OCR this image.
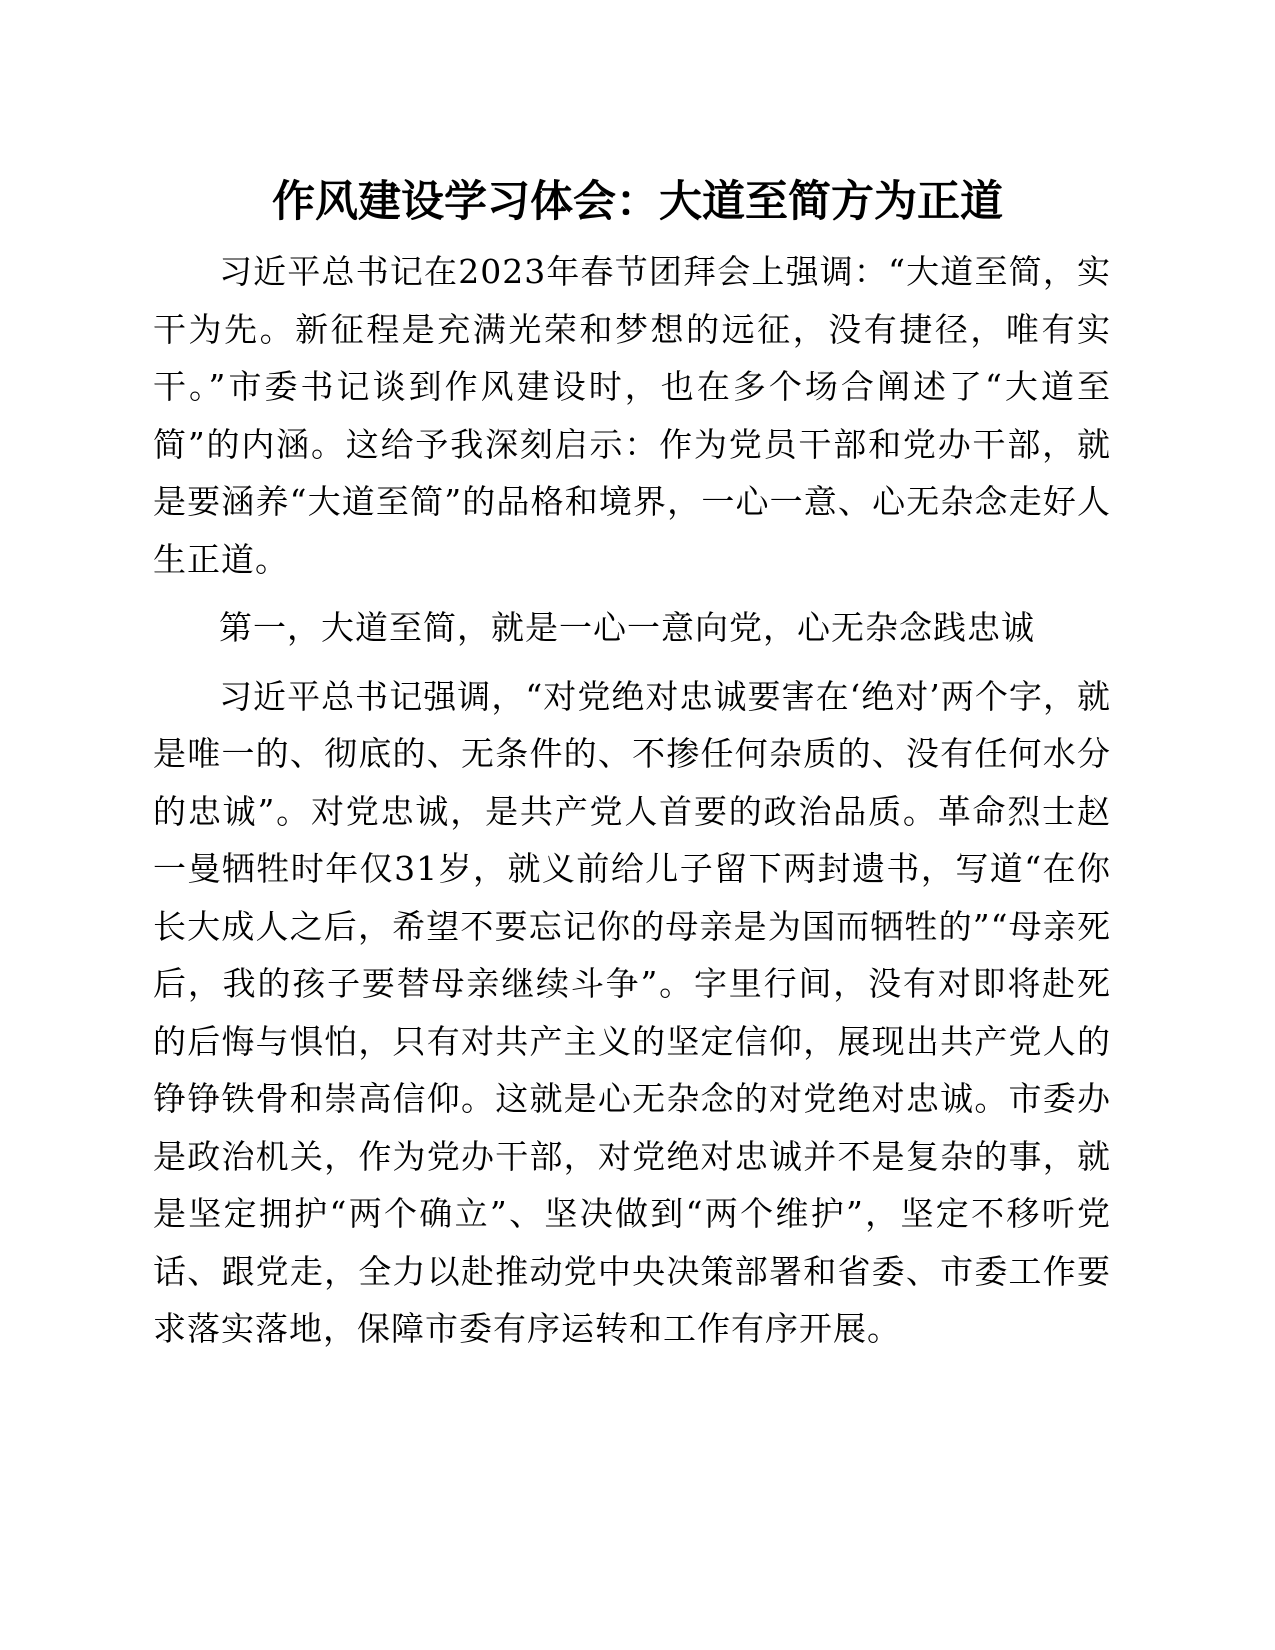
作风建设学习体会：大道至简方为正道

习近平总书记在2023年春节团拜会上强调：“大道至简，实干为先。新征程是充满光荣和梦想的远征，没有捷径，唯有实干。”市委书记谈到作风建设时，也在多个场合阐述了“大道至简”的内涵。这给予我深刻启示：作为党员干部和党办干部，就是要涵养“大道至简”的品格和境界，一心一意、心无杂念走好人生正道。

第一，大道至简，就是一心一意向党，心无杂念践忠诚

习近平总书记强调，“对党绝对忠诚要害在‘绝对’两个字，就是唯一的、彻底的、无条件的、不掺任何杂质的、没有任何水分的忠诚”。对党忠诚，是共产党人首要的政治品质。革命烈士赵一曼牺牲时年仅31岁，就义前给儿子留下两封遗书，写道“在你长大成人之后，希望不要忘记你的母亲是为国而牺牲的”“母亲死后，我的孩子要替母亲继续斗争”。字里行间，没有对即将赴死的后悔与惧怕，只有对共产主义的坚定信仰，展现出共产党人的铮铮铁骨和崇高信仰。这就是心无杂念的对党绝对忠诚。市委办是政治机关，作为党办干部，对党绝对忠诚并不是复杂的事，就是坚定拥护“两个确立”、坚决做到“两个维护”，坚定不移听党话、跟党走，全力以赴推动党中央决策部署和省委、市委工作要求落实落地，保障市委有序运转和工作有序开展。
